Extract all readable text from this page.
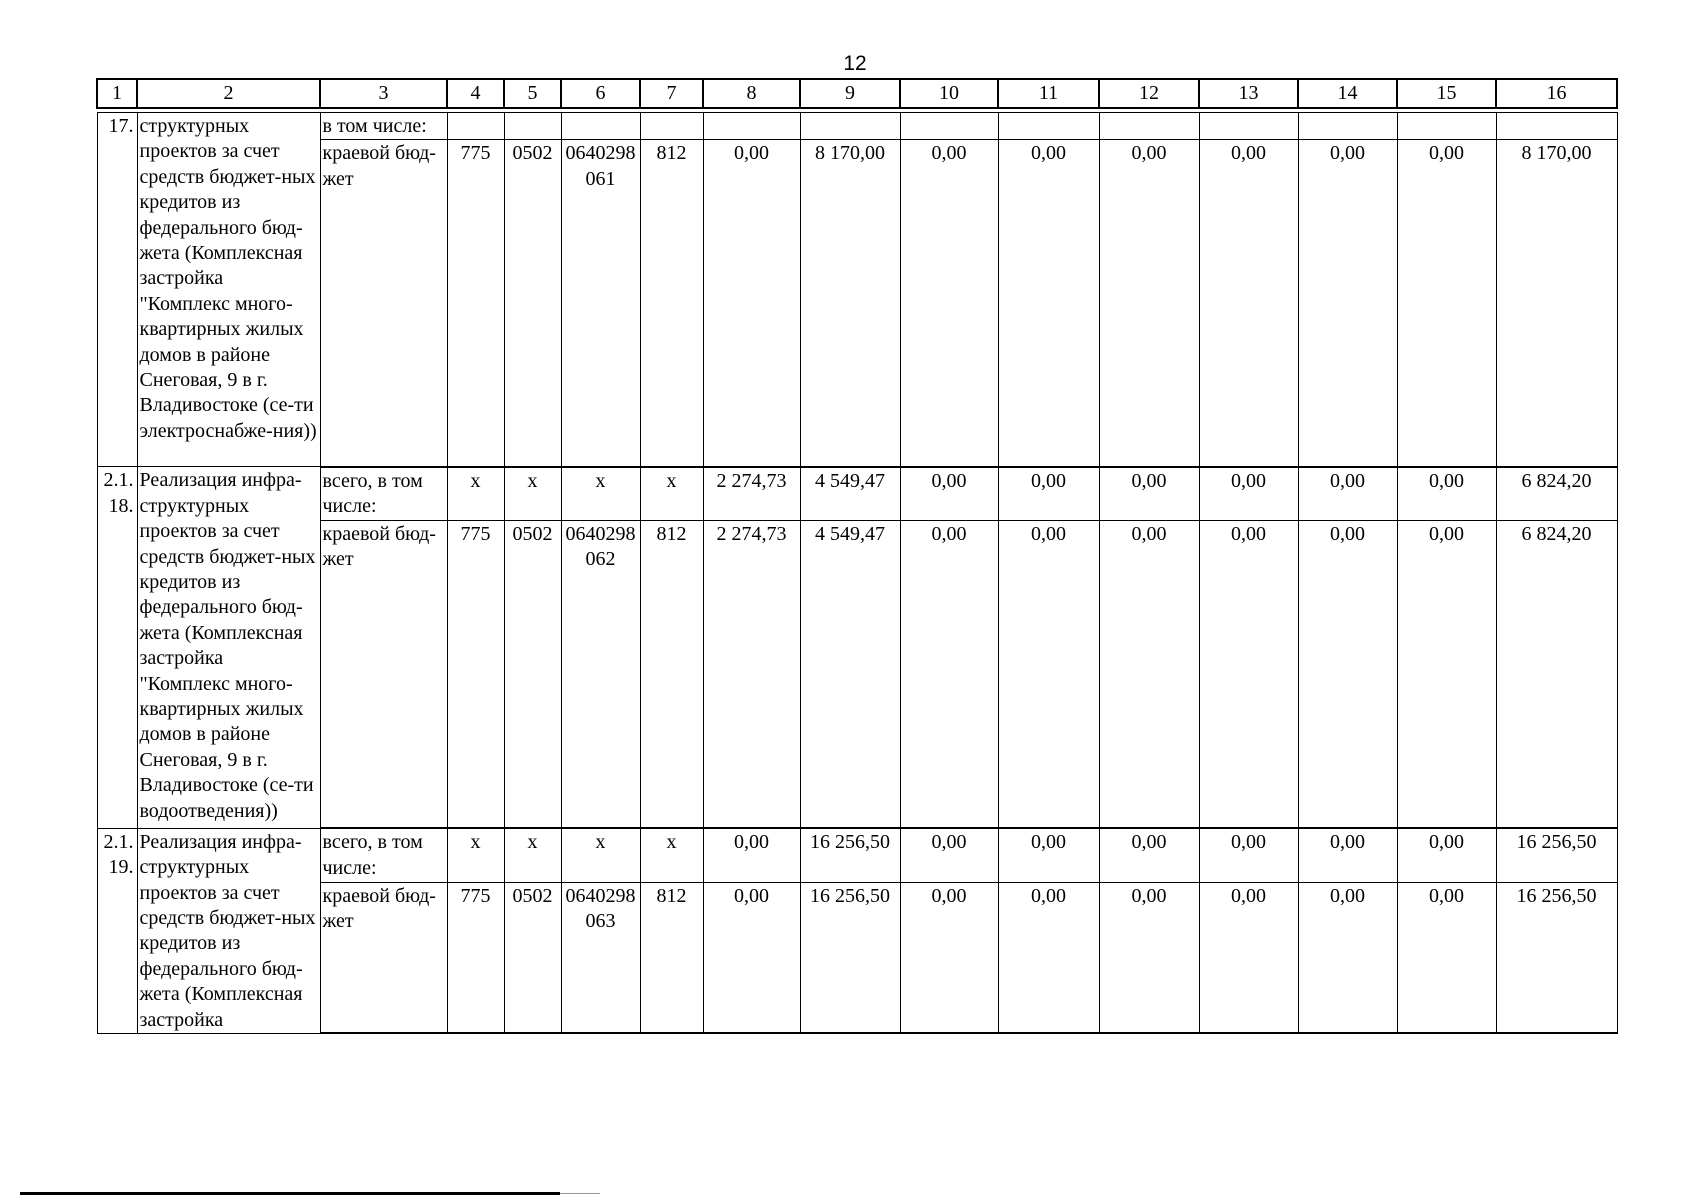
12
1	2	3	4	5	6	7	8	9	10	11	12	13	14	15	16

17.	структурных проектов за счет средств бюджет-ных кредитов из федерального бюд-жета (Комплексная застройка "Комплекс много-квартирных жилых домов в районе Снеговая, 9 в г. Владивостоке (се-ти электроснабже-ния))	в том числе:													
		краевой бюд-жет	775	0502	0640298 061	812	0,00	8 170,00	0,00	0,00	0,00	0,00	0,00	0,00	8 170,00
2.1. 18.	Реализация инфра-структурных проектов за счет средств бюджет-ных кредитов из федерального бюд-жета (Комплексная застройка "Комплекс много-квартирных жилых домов в районе Снеговая, 9 в г. Владивостоке (се-ти водоотведения))	всего, в том числе:	х	х	х	х	2 274,73	4 549,47	0,00	0,00	0,00	0,00	0,00	0,00	6 824,20
		краевой бюд-жет	775	0502	0640298 062	812	2 274,73	4 549,47	0,00	0,00	0,00	0,00	0,00	0,00	6 824,20
2.1. 19.	Реализация инфра-структурных проектов за счет средств бюджет-ных кредитов из федерального бюд-жета (Комплексная застройка	всего, в том числе:	х	х	х	х	0,00	16 256,50	0,00	0,00	0,00	0,00	0,00	0,00	16 256,50
		краевой бюд-жет	775	0502	0640298 063	812	0,00	16 256,50	0,00	0,00	0,00	0,00	0,00	0,00	16 256,50
